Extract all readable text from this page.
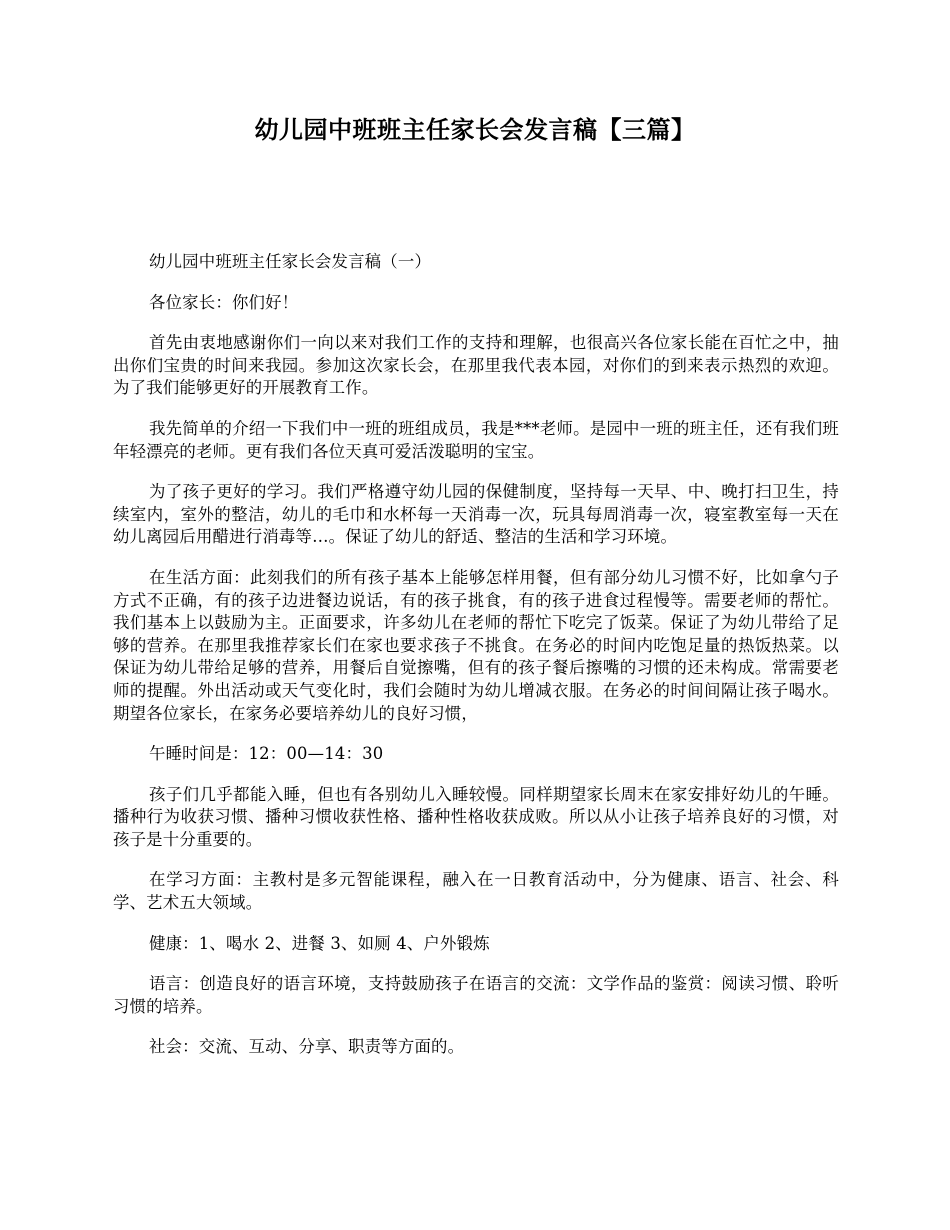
幼儿园中班班主任家长会发言稿【三篇】

幼儿园中班班主任家长会发言稿（一）

各位家长：你们好！

首先由衷地感谢你们一向以来对我们工作的支持和理解，也很高兴各位家长能在百忙之中，抽出你们宝贵的时间来我园。参加这次家长会，在那里我代表本园，对你们的到来表示热烈的欢迎。为了我们能够更好的开展教育工作。

我先简单的介绍一下我们中一班的班组成员，我是***老师。是园中一班的班主任，还有我们班年轻漂亮的老师。更有我们各位天真可爱活泼聪明的宝宝。

为了孩子更好的学习。我们严格遵守幼儿园的保健制度，坚持每一天早、中、晚打扫卫生，持续室内，室外的整洁，幼儿的毛巾和水杯每一天消毒一次，玩具每周消毒一次，寝室教室每一天在幼儿离园后用醋进行消毒等…。保证了幼儿的舒适、整洁的生活和学习环境。

在生活方面：此刻我们的所有孩子基本上能够怎样用餐，但有部分幼儿习惯不好，比如拿勺子方式不正确，有的孩子边进餐边说话，有的孩子挑食，有的孩子进食过程慢等。需要老师的帮忙。我们基本上以鼓励为主。正面要求，许多幼儿在老师的帮忙下吃完了饭菜。保证了为幼儿带给了足够的营养。在那里我推荐家长们在家也要求孩子不挑食。在务必的时间内吃饱足量的热饭热菜。以保证为幼儿带给足够的营养，用餐后自觉擦嘴，但有的孩子餐后擦嘴的习惯的还未构成。常需要老师的提醒。外出活动或天气变化时，我们会随时为幼儿增减衣服。在务必的时间间隔让孩子喝水。期望各位家长，在家务必要培养幼儿的良好习惯，

午睡时间是：12：00—14：30

孩子们几乎都能入睡，但也有各别幼儿入睡较慢。同样期望家长周末在家安排好幼儿的午睡。播种行为收获习惯、播种习惯收获性格、播种性格收获成败。所以从小让孩子培养良好的习惯，对孩子是十分重要的。

在学习方面：主教村是多元智能课程，融入在一日教育活动中，分为健康、语言、社会、科学、艺术五大领域。

健康：1、喝水 2、进餐 3、如厕 4、户外锻炼

语言：创造良好的语言环境，支持鼓励孩子在语言的交流：文学作品的鉴赏：阅读习惯、聆听习惯的培养。

社会：交流、互动、分享、职责等方面的。
